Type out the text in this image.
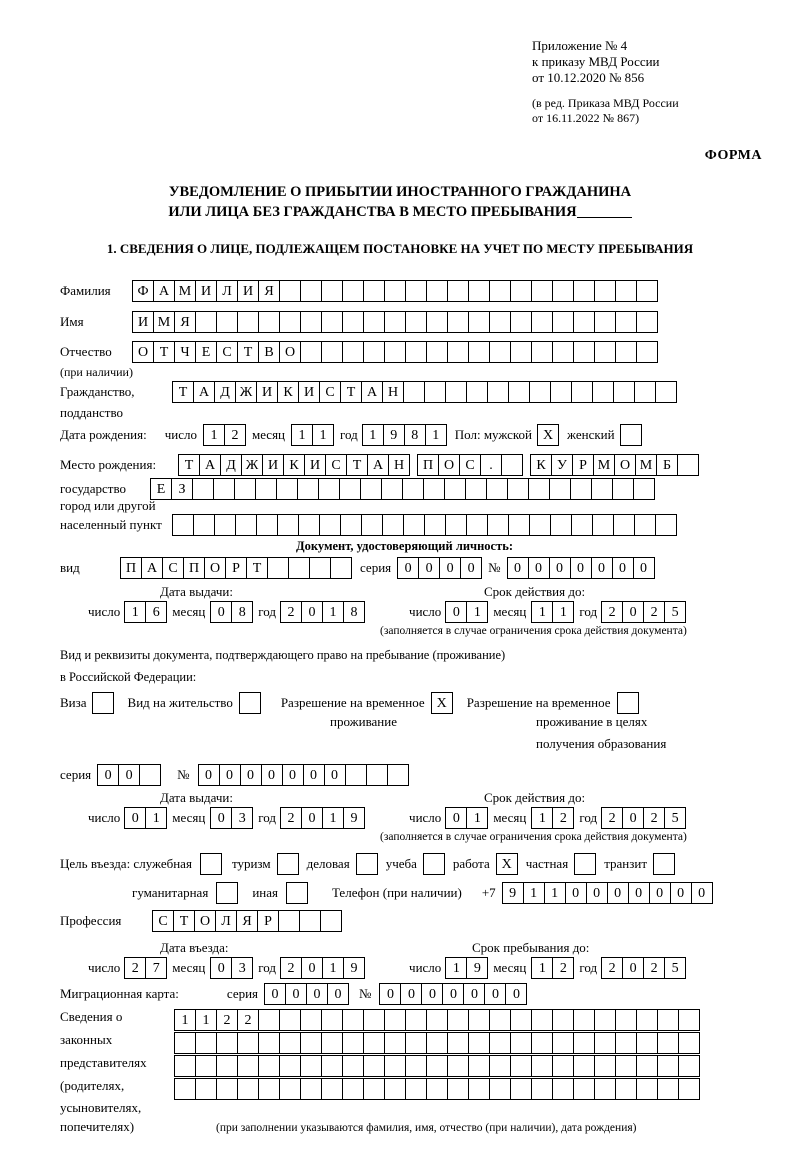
Приложение № 4
к приказу МВД России
от 10.12.2020 № 856
(в ред. Приказа МВД России
от 16.11.2022 № 867)
ФОРМА
УВЕДОМЛЕНИЕ О ПРИБЫТИИ ИНОСТРАННОГО ГРАЖДАНИНА
ИЛИ ЛИЦА БЕЗ ГРАЖДАНСТВА В МЕСТО ПРЕБЫВАНИЯ
1. СВЕДЕНИЯ О ЛИЦЕ, ПОДЛЕЖАЩЕМ ПОСТАНОВКЕ НА УЧЕТ ПО МЕСТУ ПРЕБЫВАНИЯ
Фамилия	Ф А М И Л И Я
Имя	И М Я
Отчество	О Т Ч Е С Т В О
(при наличии)
Гражданство,	Т А Д Ж И К И С Т А Н
подданство
Дата рождения: число 1	2	месяц 1	1	год 1	9	8	1	Пол: мужской Х	женский
Место рождения:	Т А Д Ж И К И С Т А Н	П О С	.	К У Р М О М Б
государство	Е З
город или другой
населенный пункт
Документ, удостоверяющий личность:
вид	П А С П О Р Т	серия 0	0	0	0	№ 0	0	0	0	0	0	0
Дата выдачи:	Срок действия до:
число 1	6 месяц 0	8 год 2	0	1	8	число 0	1 месяц 1	1 год 2	0	2	5
(заполняется в случае ограничения срока действия документа)
Вид и реквизиты документа, подтверждающего право на пребывание (проживание)
в Российской Федерации:
Виза	Вид на жительство	Разрешение на временное Х	Разрешение на временное
проживание	проживание в целях
получения образования
серия 0	0	№	0	0	0	0	0	0	0
Дата выдачи:	Срок действия до:
число 0	1 месяц 0	3 год 2	0	1	9	число 0	1 месяц 1	2 год 2	0	2	5
(заполняется в случае ограничения срока действия документа)
Цель въезда: служебная	туризм	деловая	учеба	работа Х	частная	транзит
гуманитарная	иная	Телефон (при наличии) +7 9	1	1	0	0	0	0	0	0	0
Профессия	С Т О Л Я Р
Дата въезда:	Срок пребывания до:
число 2	7 месяц 0	3 год 2	0	1	9	число 1	9 месяц 1	2 год 2	0	2	5
Миграционная карта:	серия 0	0	0	0	№	0	0	0	0	0	0	0
Сведения о	1	1	2	2
законных
представителях
(родителях,
усыновителях,
попечителях)	(при заполнении указываются фамилия, имя, отчество (при наличии), дата рождения)
